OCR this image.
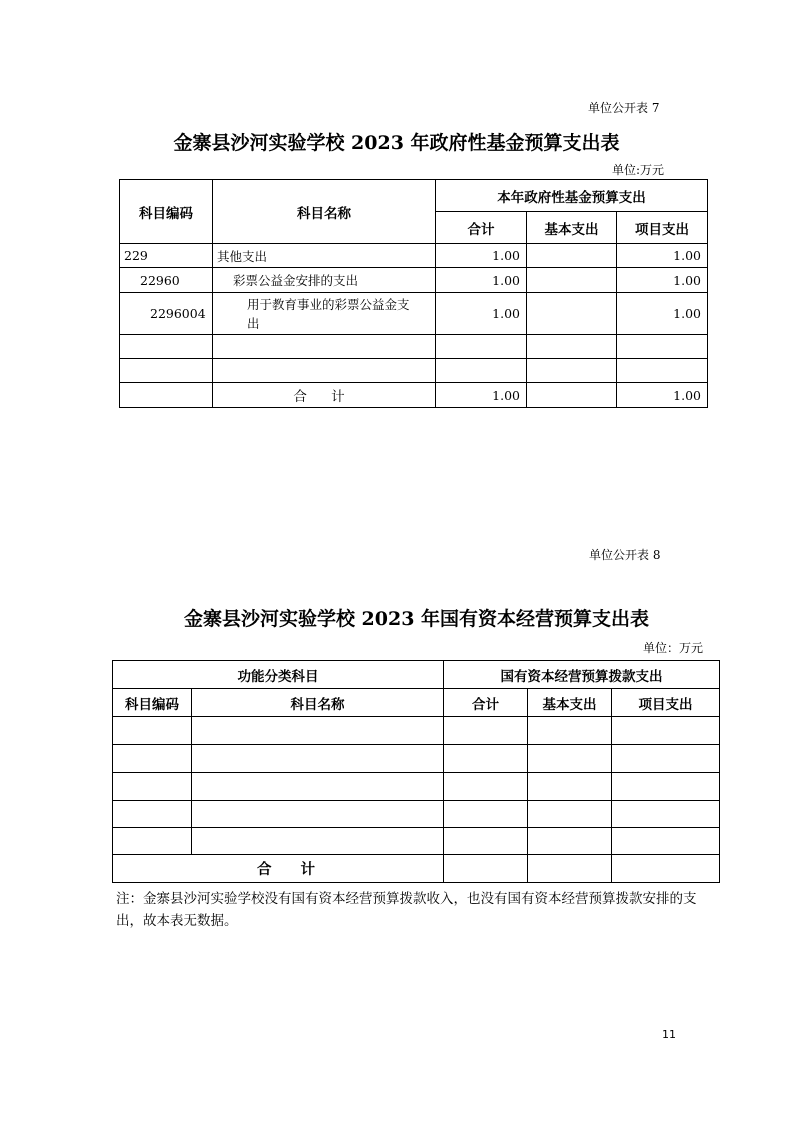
单位公开表 7
金寨县沙河实验学校 2023 年政府性基金预算支出表
单位:万元
科目编码	科目名称	本年政府性基金预算支出		
		合计	基本支出	项目支出
229	其他支出	1.00		1.00
22960	彩票公益金安排的支出	1.00		1.00
2296004	用于教育事业的彩票公益金支出	1.00		1.00

	合 计	1.00		1.00
单位公开表 8
金寨县沙河实验学校 2023 年国有资本经营预算支出表
单位：万元
功能分类科目		国有资本经营预算拨款支出		
科目编码	科目名称	合计	基本支出	项目支出

合 计				
注：金寨县沙河实验学校没有国有资本经营预算拨款收入，也没有国有资本经营预算拨款安排的支出，故本表无数据。
11
